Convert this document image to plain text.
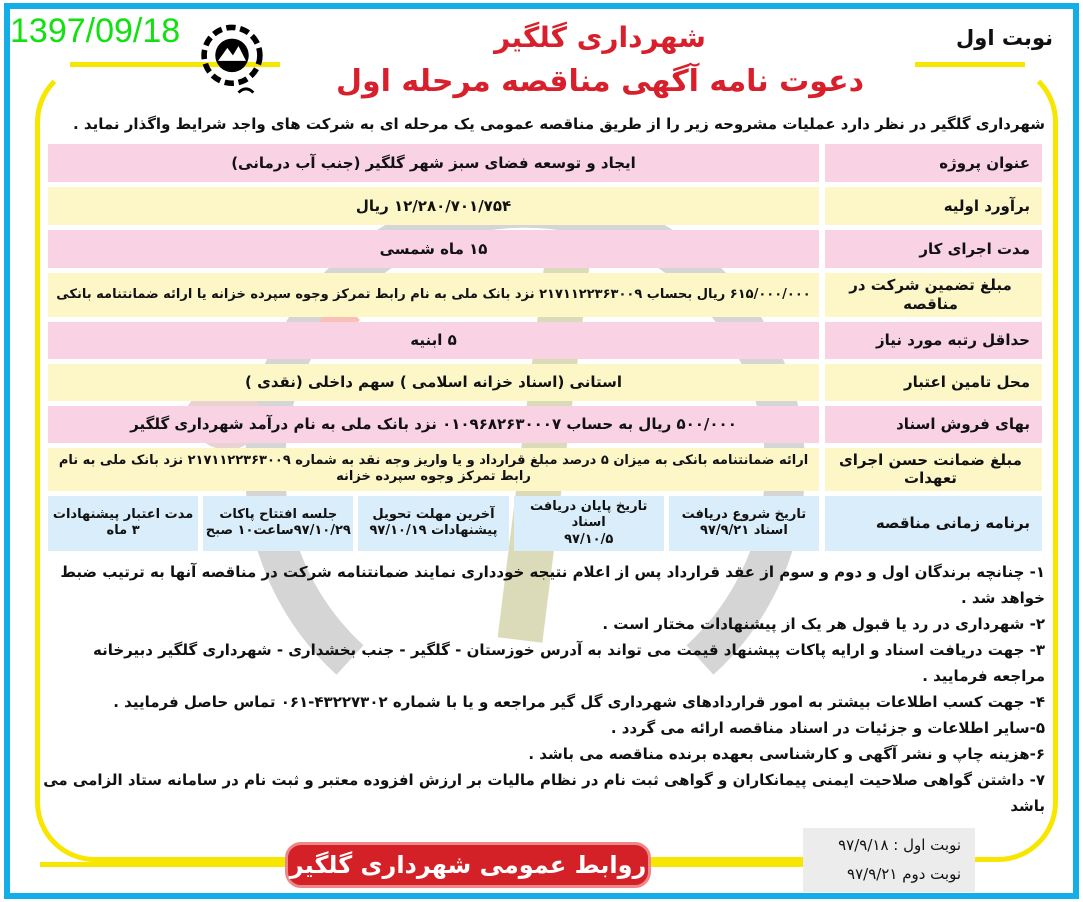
1397/09/18	نوبت اول
شهرداری گلگیر
دعوت نامه آگهی مناقصه مرحله اول
شهرداری گلگیر در نظر دارد عملیات مشروحه زیر را از طریق مناقصه عمومی یک مرحله ای به شرکت های واجد شرایط واگذار نماید .
عنوان پروژه
ایجاد و توسعه فضای سبز شهر گلگیر (جنب آب درمانی)
برآورد اولیه
۱۲/۲۸۰/۷۰۱/۷۵۴ ریال
مدت اجرای کار
۱۵ ماه شمسی
مبلغ تضمین شرکت در مناقصه
۶۱۵/۰۰۰/۰۰۰ ریال بحساب ۲۱۷۱۱۲۲۳۶۳۰۰۹ نزد بانک ملی به نام رابط تمرکز وجوه سپرده خزانه یا ارائه ضمانتنامه بانکی
حداقل رتبه مورد نیاز
۵ ابنیه
محل تامین اعتبار
استانی (اسناد خزانه اسلامی ) سهم داخلی (نقدی )
بهای فروش اسناد
۵۰۰/۰۰۰ ریال به حساب ۰۱۰۹۶۸۲۶۳۰۰۰۷ نزد بانک ملی به نام درآمد شهرداری گلگیر
مبلغ ضمانت حسن اجرای تعهدات
ارائه ضمانتنامه بانکی به میزان ۵ درصد مبلغ قرارداد و یا واریز وجه نقد به شماره ۲۱۷۱۱۲۲۳۶۳۰۰۹ نزد بانک ملی به نام رابط تمرکز وجوه سپرده خزانه
برنامه زمانی مناقصه
تاریخ شروع دریافت
اسناد ۹۷/۹/۲۱
تاریخ پایان دریافت اسناد
۹۷/۱۰/۵
آخرین مهلت تحویل
پیشنهادات ۹۷/۱۰/۱۹
جلسه افتتاح پاکات
۹۷/۱۰/۲۹ساعت۱۰ صبح
مدت اعتبار پیشنهادات
۳ ماه

۱- چنانچه برندگان اول و دوم و سوم از عقد قرارداد پس از اعلام نتیجه خودداری نمایند ضمانتنامه شرکت در مناقصه آنها به ترتیب ضبط خواهد شد .

۲- شهرداری در رد یا قبول هر یک از پیشنهادات مختار است .

۳- جهت دریافت اسناد و ارایه پاکات پیشنهاد قیمت می تواند به آدرس خوزستان - گلگیر - جنب بخشداری - شهرداری گلگیر دبیرخانه مراجعه فرمایید .

۴- جهت کسب اطلاعات بیشتر به امور قراردادهای شهرداری گل گیر مراجعه و یا با شماره ۴۳۲۲۷۳۰۲-۰۶۱ تماس حاصل فرمایید .

۵-سایر اطلاعات و جزئیات در اسناد مناقصه ارائه می گردد .

۶-هزینه چاپ و نشر آگهی و کارشناسی بعهده برنده مناقصه می باشد .

۷- داشتن گواهی صلاحیت ایمنی پیمانکاران و گواهی ثبت نام در نظام مالیات بر ارزش افزوده معتبر و ثبت نام در سامانه ستاد الزامی می باشد

روابط عمومی شهرداری گلگیر
نوبت اول : ۹۷/۹/۱۸
نوبت دوم ۹۷/۹/۲۱
